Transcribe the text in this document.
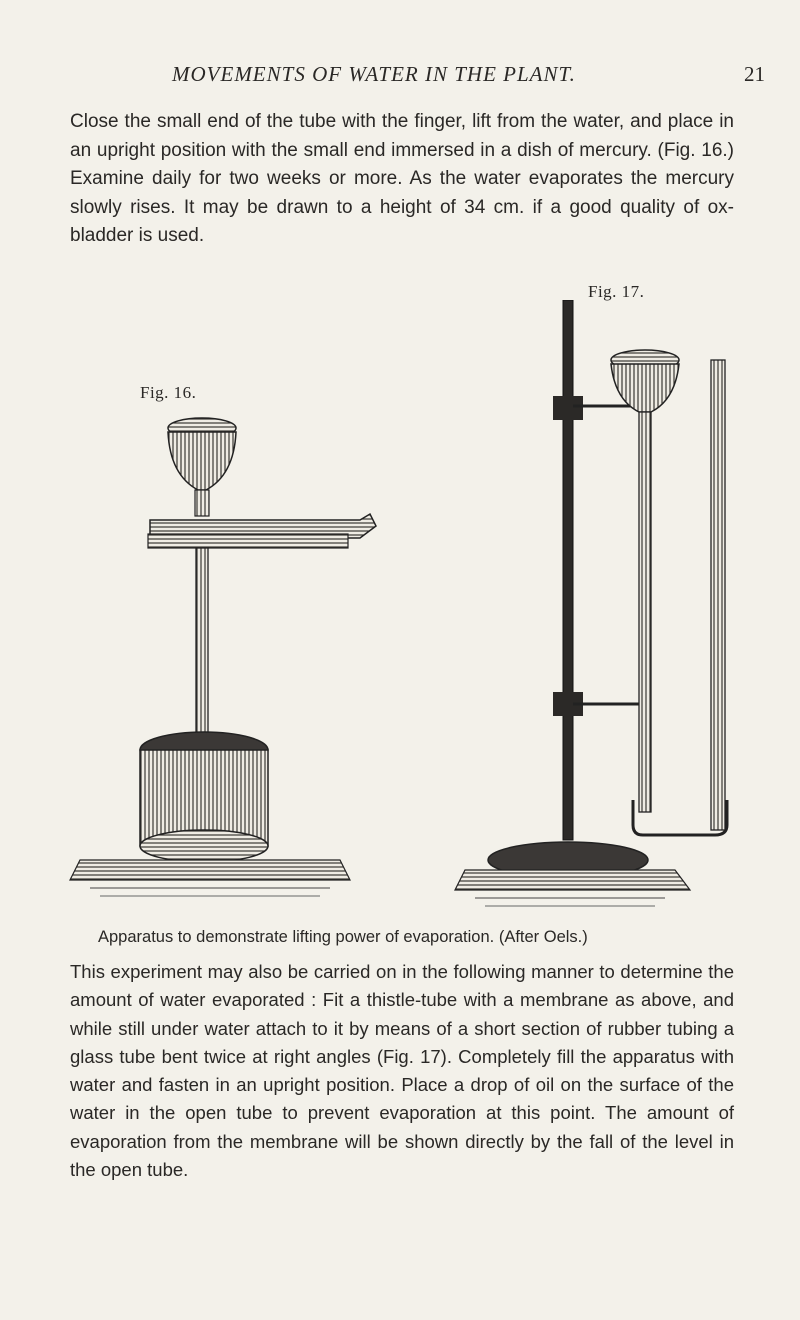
MOVEMENTS OF WATER IN THE PLANT.	21

Close the small end of the tube with the finger, lift from the water, and place in an upright position with the small end immersed in a dish of mercury. (Fig. 16.) Examine daily for two weeks or more. As the water evaporates the mercury slowly rises. It may be drawn to a height of 34 cm. if a good quality of ox-bladder is used.

Fig. 17.
Fig. 16.
Apparatus to demonstrate lifting power of evaporation. (After Oels.)

This experiment may also be carried on in the following manner to determine the amount of water evaporated : Fit a thistle-tube with a membrane as above, and while still under water attach to it by means of a short section of rubber tubing a glass tube bent twice at right angles (Fig. 17). Completely fill the apparatus with water and fasten in an upright position. Place a drop of oil on the surface of the water in the open tube to prevent evaporation at this point. The amount of evaporation from the membrane will be shown directly by the fall of the level in the open tube.
